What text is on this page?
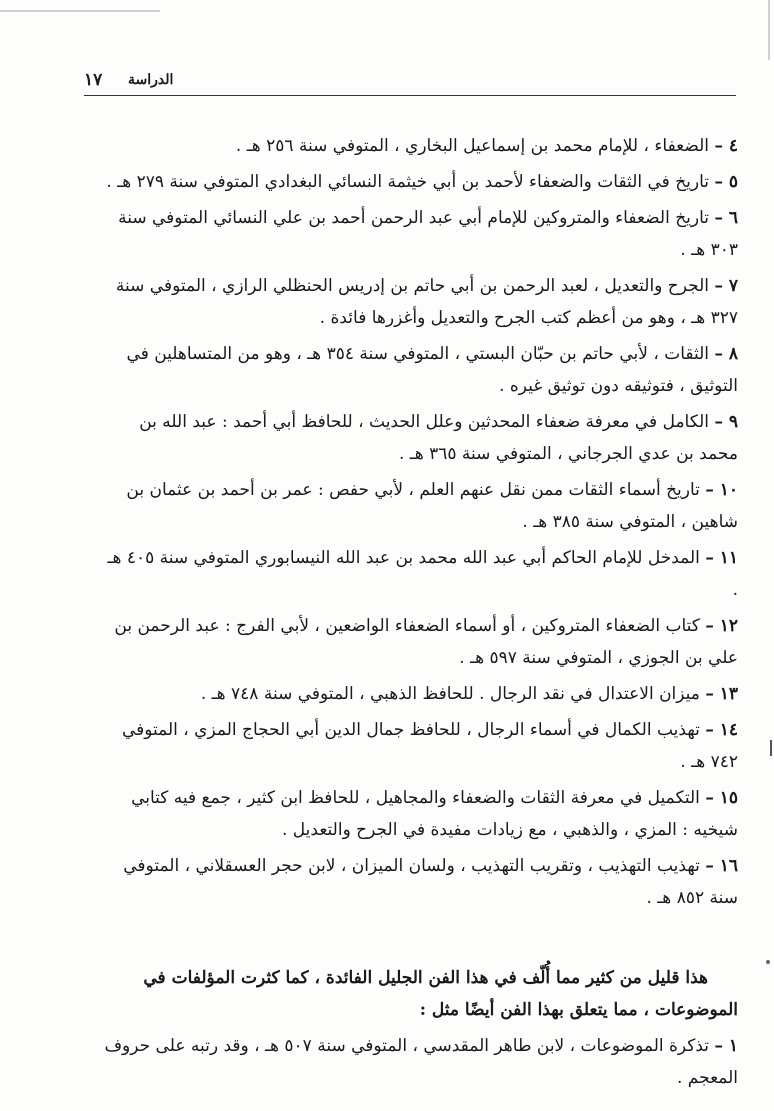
الدراسة
١٧
٤ – الضعفاء ، للإمام محمد بن إسماعيل البخاري ، المتوفي سنة ٢٥٦ هـ .
٥ – تاريخ في الثقات والضعفاء لأحمد بن أبي خيثمة النسائي البغدادي المتوفي سنة ٢٧٩ هـ .
٦ – تاريخ الضعفاء والمتروكين للإمام أبي عبد الرحمن أحمد بن علي النسائي المتوفي سنة ٣٠٣ هـ .
٧ – الجرح والتعديل ، لعبد الرحمن بن أبي حاتم بن إدريس الحنظلي الرازي ، المتوفي سنة ٣٢٧ هـ ، وهو من أعظم كتب الجرح والتعديل وأغزرها فائدة .
٨ – الثقات ، لأبي حاتم بن حبّان البستي ، المتوفي سنة ٣٥٤ هـ ، وهو من المتساهلين في التوثيق ، فتوثيقه دون توثيق غيره .
٩ – الكامل في معرفة ضعفاء المحدثين وعلل الحديث ، للحافظ أبي أحمد : عبد الله بن محمد بن عدي الجرجاني ، المتوفي سنة ٣٦٥ هـ .
١٠ – تاريخ أسماء الثقات ممن نقل عنهم العلم ، لأبي حفص : عمر بن أحمد بن عثمان بن شاهين ، المتوفي سنة ٣٨٥ هـ .
١١ – المدخل للإمام الحاكم أبي عبد الله محمد بن عبد الله النيسابوري المتوفي سنة ٤٠٥ هـ .
١٢ – كتاب الضعفاء المتروكين ، أو أسماء الضعفاء الواضعين ، لأبي الفرج : عبد الرحمن بن علي بن الجوزي ، المتوفي سنة ٥٩٧ هـ .
١٣ – ميزان الاعتدال في نقد الرجال . للحافظ الذهبي ، المتوفي سنة ٧٤٨ هـ .
١٤ – تهذيب الكمال في أسماء الرجال ، للحافظ جمال الدين أبي الحجاج المزي ، المتوفي ٧٤٢ هـ .
١٥ – التكميل في معرفة الثقات والضعفاء والمجاهيل ، للحافظ ابن كثير ، جمع فيه كتابي شيخيه : المزي ، والذهبي ، مع زيادات مفيدة في الجرح والتعديل .
١٦ – تهذيب التهذيب ، وتقريب التهذيب ، ولسان الميزان ، لابن حجر العسقلاني ، المتوفي سنة ٨٥٢ هـ .

هذا قليل من كثير مما أُلّف في هذا الفن الجليل الفائدة ، كما كثرت المؤلفات في الموضوعات ، مما يتعلق بهذا الفن أيضًا مثل :

١ – تذكرة الموضوعات ، لابن طاهر المقدسي ، المتوفي سنة ٥٠٧ هـ ، وقد رتبه على حروف المعجم .
